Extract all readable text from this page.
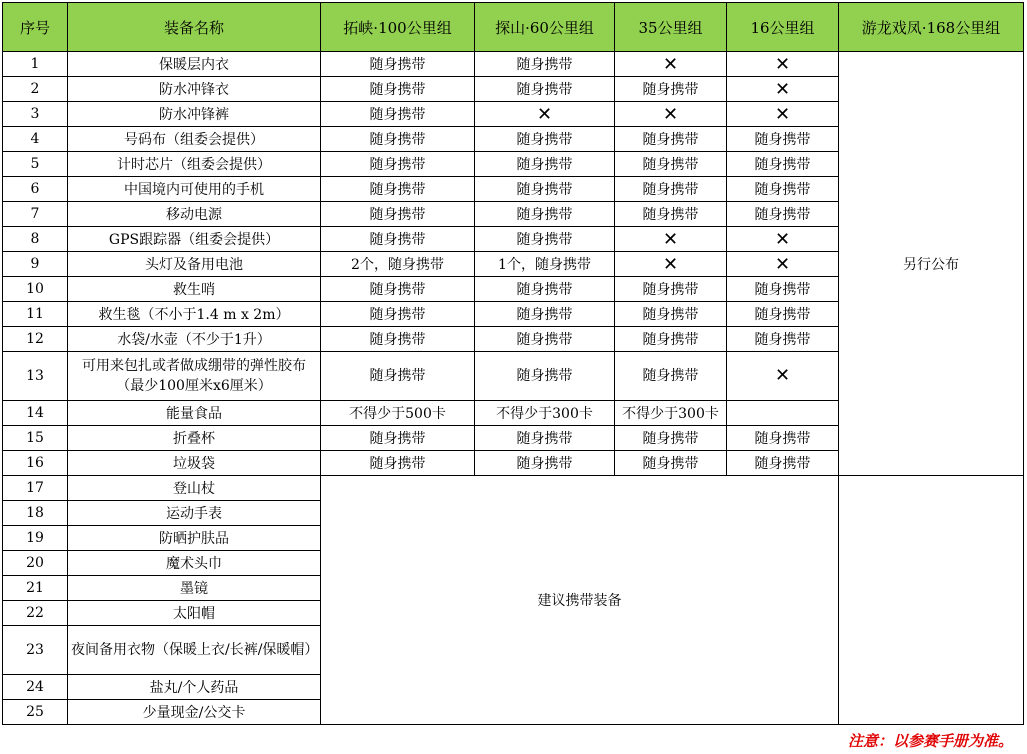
序号	装备名称	拓峡·100公里组	探山·60公里组	35公里组	16公里组	游龙戏凤·168公里组
1	保暖层内衣	随身携带	随身携带	✕	✕	另行公布
2	防水冲锋衣	随身携带	随身携带	随身携带	✕	
3	防水冲锋裤	随身携带	✕	✕	✕	
4	号码布（组委会提供）	随身携带	随身携带	随身携带	随身携带	
5	计时芯片（组委会提供）	随身携带	随身携带	随身携带	随身携带	
6	中国境内可使用的手机	随身携带	随身携带	随身携带	随身携带	
7	移动电源	随身携带	随身携带	随身携带	随身携带	
8	GPS跟踪器（组委会提供）	随身携带	随身携带	✕	✕	
9	头灯及备用电池	2个，随身携带	1个，随身携带	✕	✕	
10	救生哨	随身携带	随身携带	随身携带	随身携带	
11	救生毯（不小于1.4 m x 2m）	随身携带	随身携带	随身携带	随身携带	
12	水袋/水壶（不少于1升）	随身携带	随身携带	随身携带	随身携带	
13	可用来包扎或者做成绷带的弹性胶布（最少100厘米x6厘米）	随身携带	随身携带	随身携带	✕	
14	能量食品	不得少于500卡	不得少于300卡	不得少于300卡		
15	折叠杯	随身携带	随身携带	随身携带	随身携带	
16	垃圾袋	随身携带	随身携带	随身携带	随身携带	
17	登山杖	建议携带装备				
18	运动手表					
19	防晒护肤品					
20	魔术头巾					
21	墨镜					
22	太阳帽					
23	夜间备用衣物（保暖上衣/长裤/保暖帽）					
24	盐丸/个人药品					
25	少量现金/公交卡					
注意：以参赛手册为准。
